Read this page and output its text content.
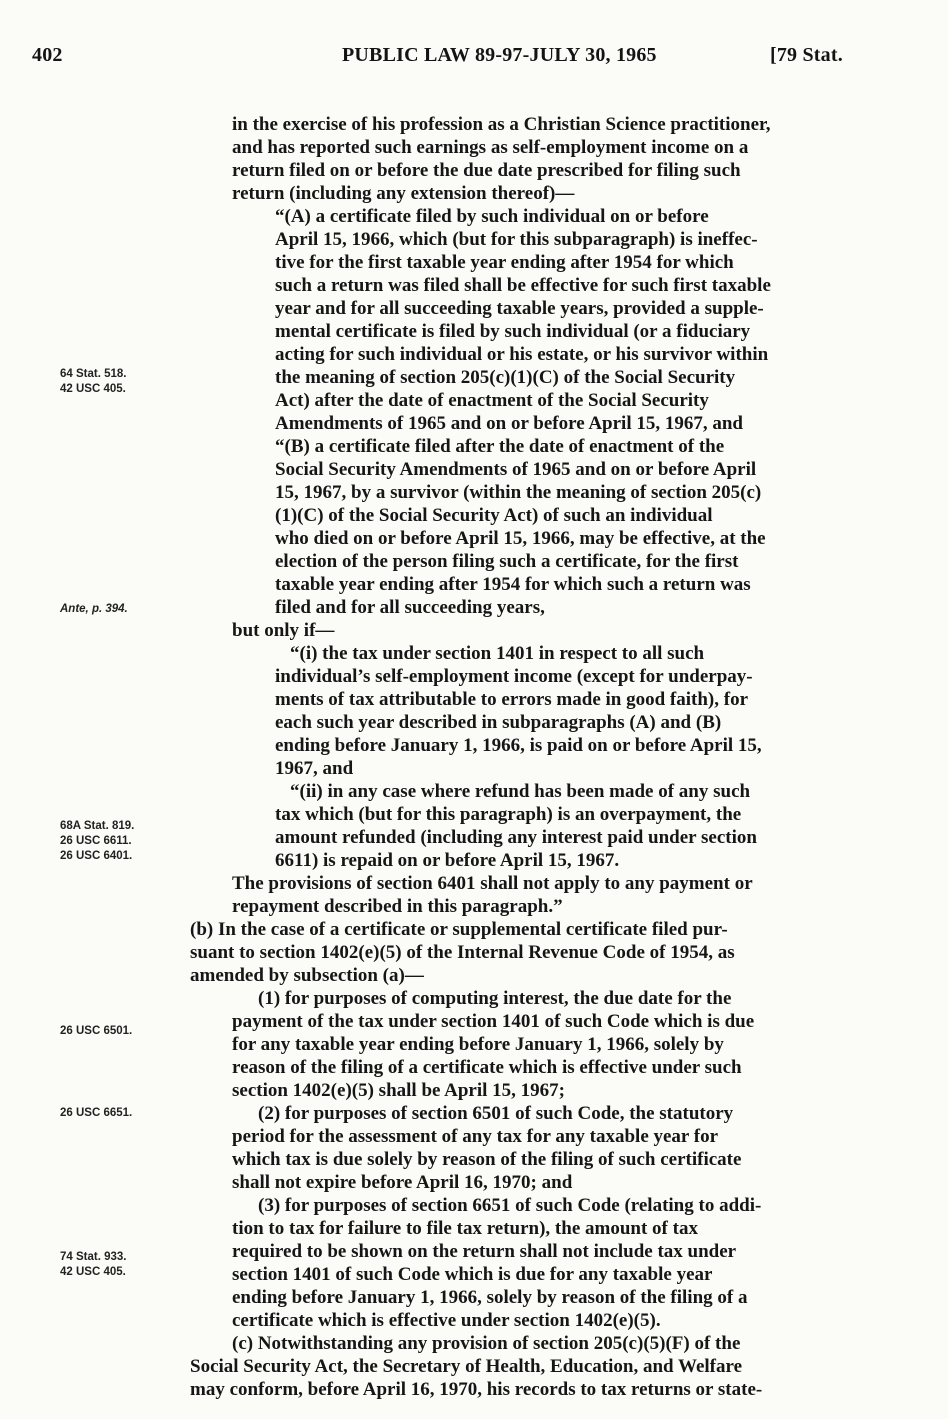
402	PUBLIC LAW 89-97-JULY 30, 1965	[79 Stat.
64 Stat. 518.
42 USC 405.
Ante, p. 394.
68A Stat. 819.
26 USC 6611.
26 USC 6401.
26 USC 6501.
26 USC 6651.
74 Stat. 933.
42 USC 405.
in the exercise of his profession as a Christian Science practitioner,
and has reported such earnings as self-employment income on a
return filed on or before the due date prescribed for filing such
return (including any extension thereof)—
“(A) a certificate filed by such individual on or before
April 15, 1966, which (but for this subparagraph) is ineffec-
tive for the first taxable year ending after 1954 for which
such a return was filed shall be effective for such first taxable
year and for all succeeding taxable years, provided a supple-
mental certificate is filed by such individual (or a fiduciary
acting for such individual or his estate, or his survivor within
the meaning of section 205(c)(1)(C) of the Social Security
Act) after the date of enactment of the Social Security
Amendments of 1965 and on or before April 15, 1967, and
“(B) a certificate filed after the date of enactment of the
Social Security Amendments of 1965 and on or before April
15, 1967, by a survivor (within the meaning of section 205(c)
(1)(C) of the Social Security Act) of such an individual
who died on or before April 15, 1966, may be effective, at the
election of the person filing such a certificate, for the first
taxable year ending after 1954 for which such a return was
filed and for all succeeding years,
but only if—
“(i) the tax under section 1401 in respect to all such
individual’s self-employment income (except for underpay-
ments of tax attributable to errors made in good faith), for
each such year described in subparagraphs (A) and (B)
ending before January 1, 1966, is paid on or before April 15,
1967, and
“(ii) in any case where refund has been made of any such
tax which (but for this paragraph) is an overpayment, the
amount refunded (including any interest paid under section
6611) is repaid on or before April 15, 1967.
The provisions of section 6401 shall not apply to any payment or
repayment described in this paragraph.”
(b) In the case of a certificate or supplemental certificate filed pur-
suant to section 1402(e)(5) of the Internal Revenue Code of 1954, as
amended by subsection (a)—
(1) for purposes of computing interest, the due date for the
payment of the tax under section 1401 of such Code which is due
for any taxable year ending before January 1, 1966, solely by
reason of the filing of a certificate which is effective under such
section 1402(e)(5) shall be April 15, 1967;
(2) for purposes of section 6501 of such Code, the statutory
period for the assessment of any tax for any taxable year for
which tax is due solely by reason of the filing of such certificate
shall not expire before April 16, 1970; and
(3) for purposes of section 6651 of such Code (relating to addi-
tion to tax for failure to file tax return), the amount of tax
required to be shown on the return shall not include tax under
section 1401 of such Code which is due for any taxable year
ending before January 1, 1966, solely by reason of the filing of a
certificate which is effective under section 1402(e)(5).
(c) Notwithstanding any provision of section 205(c)(5)(F) of the
Social Security Act, the Secretary of Health, Education, and Welfare
may conform, before April 16, 1970, his records to tax returns or state-
